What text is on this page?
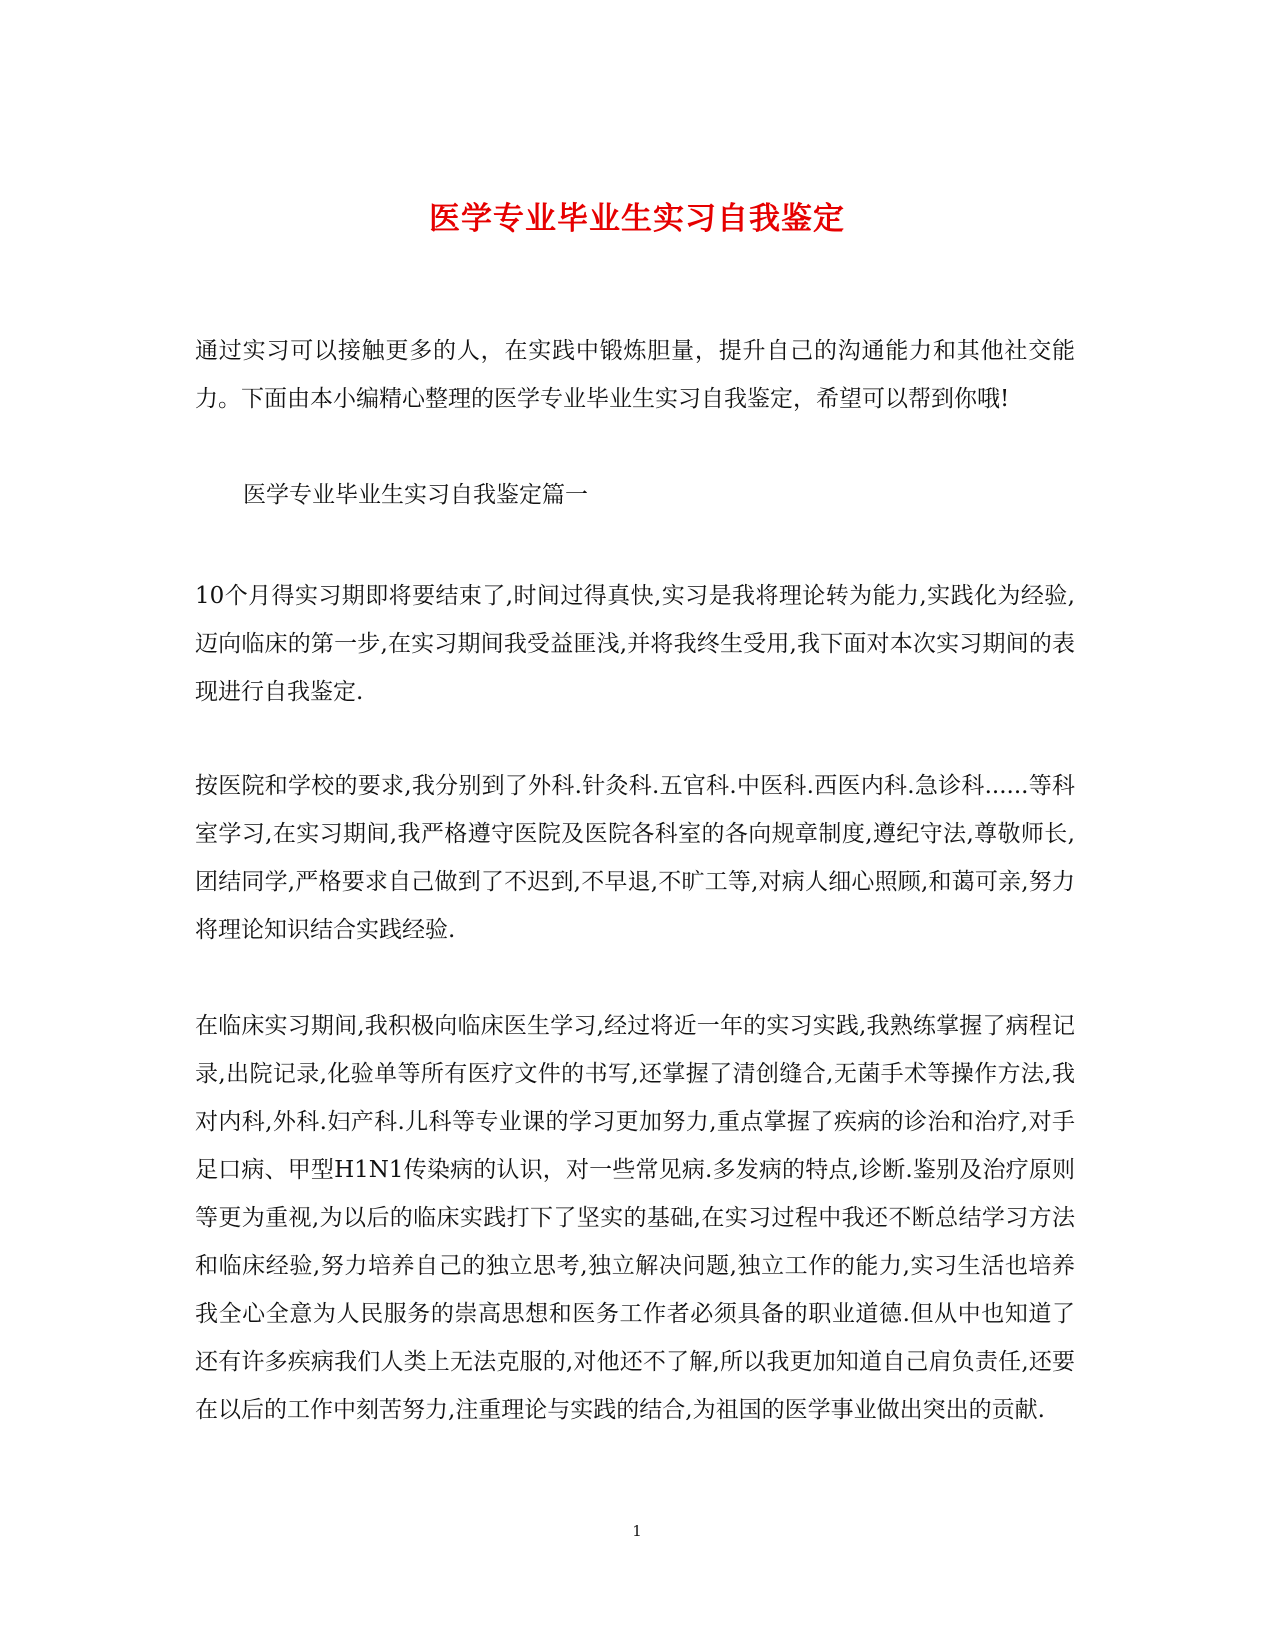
医学专业毕业生实习自我鉴定

通过实习可以接触更多的人，在实践中锻炼胆量，提升自己的沟通能力和其他社交能力。下面由本小编精心整理的医学专业毕业生实习自我鉴定，希望可以帮到你哦!

医学专业毕业生实习自我鉴定篇一

10个月得实习期即将要结束了,时间过得真快,实习是我将理论转为能力,实践化为经验,迈向临床的第一步,在实习期间我受益匪浅,并将我终生受用,我下面对本次实习期间的表现进行自我鉴定.

按医院和学校的要求,我分别到了外科.针灸科.五官科.中医科.西医内科.急诊科......等科室学习,在实习期间,我严格遵守医院及医院各科室的各向规章制度,遵纪守法,尊敬师长,团结同学,严格要求自己做到了不迟到,不早退,不旷工等,对病人细心照顾,和蔼可亲,努力将理论知识结合实践经验.

在临床实习期间,我积极向临床医生学习,经过将近一年的实习实践,我熟练掌握了病程记录,出院记录,化验单等所有医疗文件的书写,还掌握了清创缝合,无菌手术等操作方法,我对内科,外科.妇产科.儿科等专业课的学习更加努力,重点掌握了疾病的诊治和治疗,对手足口病、甲型H1N1传染病的认识，对一些常见病.多发病的特点,诊断.鉴别及治疗原则等更为重视,为以后的临床实践打下了坚实的基础,在实习过程中我还不断总结学习方法和临床经验,努力培养自己的独立思考,独立解决问题,独立工作的能力,实习生活也培养我全心全意为人民服务的崇高思想和医务工作者必须具备的职业道德.但从中也知道了还有许多疾病我们人类上无法克服的,对他还不了解,所以我更加知道自己肩负责任,还要在以后的工作中刻苦努力,注重理论与实践的结合,为祖国的医学事业做出突出的贡献.

1
